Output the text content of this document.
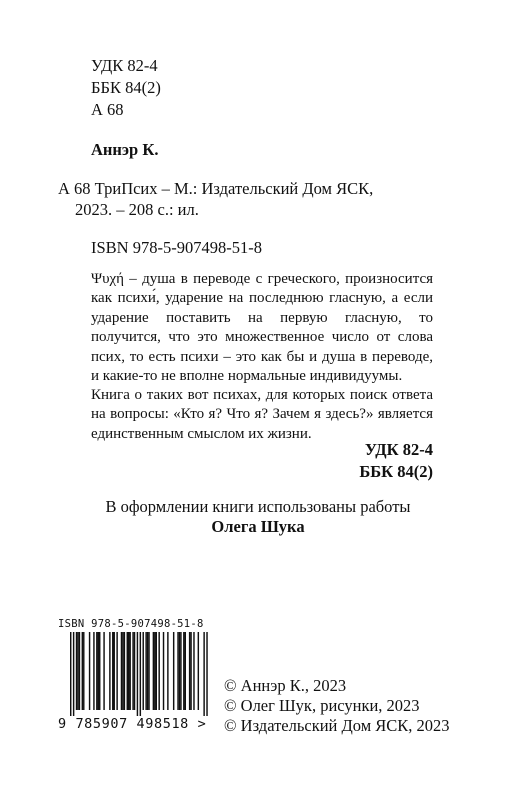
УДК 82-4
ББК 84(2)
А 68
Аннэр К.
А 68 ТриПсих – М.: Издательский Дом ЯСК,
2023. – 208 с.: ил.
ISBN 978-5-907498-51-8

Ψυχή – душа в переводе с греческого, произносится как психи́, ударение на последнюю гласную, а если ударение поставить на первую гласную, то получится, что это множественное число от слова псих, то есть психи – это как бы и душа в переводе, и какие-то не вполне нормальные индивидуумы.

Книга о таких вот психах, для которых поиск ответа на вопросы: «Кто я? Что я? Зачем я здесь?» является единственным смыслом их жизни.

УДК 82-4
ББК 84(2)
В оформлении книги использованы работы
Олега Шука
ISBN 978-5-907498-51-8
9 785907 498518 >
© Аннэр К., 2023
© Олег Шук, рисунки, 2023
© Издательский Дом ЯСК, 2023
